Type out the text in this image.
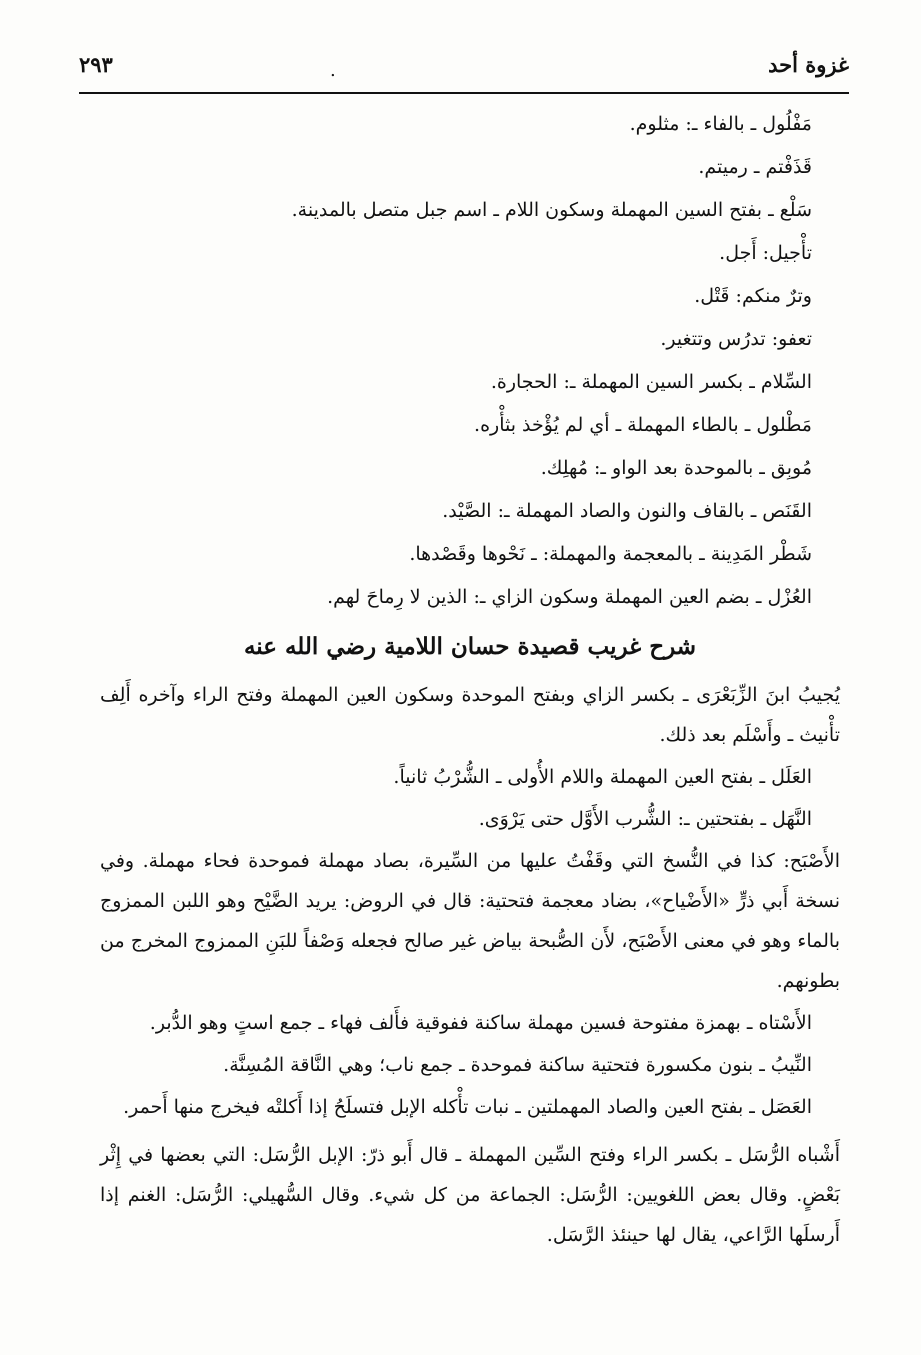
غزوة أحد
٢٩٣	.

مَفْلُول ـ بالفاء ـ: مثلوم.

قَذَفْتم ـ رميتم.

سَلْع ـ بفتح السين المهملة وسكون اللام ـ اسم جبل متصل بالمدينة.

تأْجيل: أَجل.

وترٌ منكم: قَتْل.

تعفو: تدرُس وتتغير.

السِّلام ـ بكسر السين المهملة ـ: الحجارة.

مَطْلول ـ بالطاء المهملة ـ أي لم يُؤْخذ بثأْره.

مُوبِق ـ بالموحدة بعد الواو ـ: مُهلِك.

القَنَص ـ بالقاف والنون والصاد المهملة ـ: الصَّيْد.

شَطْر المَدِينة ـ بالمعجمة والمهملة: ـ نَحْوها وقَصْدها.

العُزْل ـ بضم العين المهملة وسكون الزاي ـ: الذين لا رِماحَ لهم.

شرح غريب قصيدة حسان اللامية رضي الله عنه

يُجيبُ ابنَ الزِّبَعْرَى ـ بكسر الزاي وبفتح الموحدة وسكون العين المهملة وفتح الراء وآخره أَلِف تأْنيث ـ وأَسْلَم بعد ذلك.

العَلَل ـ بفتح العين المهملة واللام الأُولى ـ الشُّرْبُ ثانياً.

النَّهَل ـ بفتحتين ـ: الشُّرب الأَوَّل حتى يَرْوَى.

الأَصْبَح: كذا في النُّسخ التي وقَفْتُ عليها من السِّيرة، بصاد مهملة فموحدة فحاء مهملة. وفي نسخة أَبي ذرٍّ «الأَضْياح»، بضاد معجمة فتحتية: قال في الروض: يريد الضَّيْح وهو اللبن الممزوج بالماء وهو في معنى الأَصْبَح، لأَن الصُّبحة بياض غير صالح فجعله وَصْفاً للبَنِ الممزوج المخرج من بطونهم.

الأَسْتاه ـ بهمزة مفتوحة فسين مهملة ساكنة ففوقية فأَلف فهاء ـ جمع استٍ وهو الدُّبر.

النِّيبُ ـ بنون مكسورة فتحتية ساكنة فموحدة ـ جمع ناب؛ وهي النَّاقة المُسِنَّة.

العَصَل ـ بفتح العين والصاد المهملتين ـ نبات تأْكله الإبل فتسلَحُ إذا أَكلتْه فيخرج منها أَحمر.

أَشْباه الرُّسَل ـ بكسر الراء وفتح السِّين المهملة ـ قال أَبو ذرّ: الإبل الرُّسَل: التي بعضها في إِثْر بَعْضٍ. وقال بعض اللغويين: الرُّسَل: الجماعة من كل شيء. وقال السُّهيلي: الرُّسَل: الغنم إذا أَرسلَها الرَّاعي، يقال لها حينئذ الرَّسَل.
